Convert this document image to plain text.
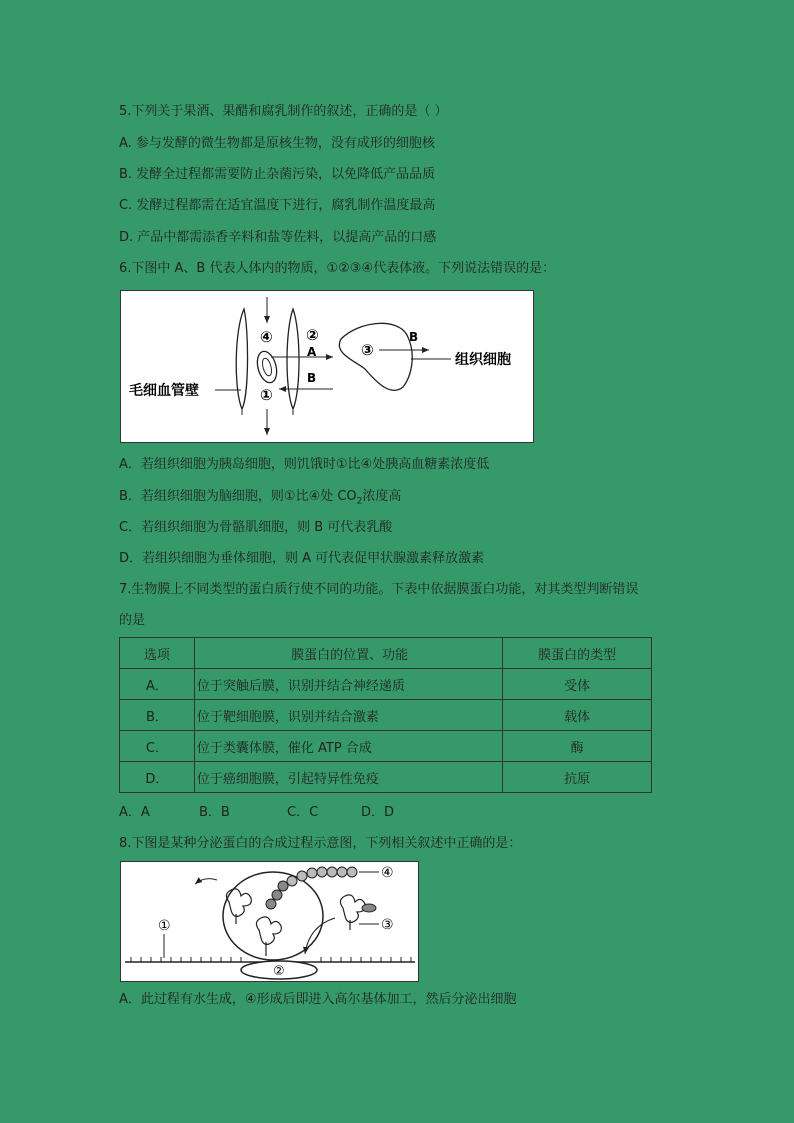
5.下列关于果酒、果醋和腐乳制作的叙述，正确的是（ ）
A. 参与发酵的微生物都是原核生物，没有成形的细胞核
B. 发酵全过程都需要防止杂菌污染，以免降低产品品质
C. 发酵过程都需在适宜温度下进行，腐乳制作温度最高
D. 产品中都需添香辛料和盐等佐料，以提高产品的口感
6.下图中 A、B 代表人体内的物质，①②③④代表体液。下列说法错误的是：
④ ②
A
B
①
③
B
组织细胞
毛细血管壁
A．若组织细胞为胰岛细胞，则饥饿时①比④处胰高血糖素浓度低
B．若组织细胞为脑细胞，则①比④处 $CO_2$浓度高
C．若组织细胞为骨骼肌细胞，则 B 可代表乳酸
D．若组织细胞为垂体细胞，则 A 可代表促甲状腺激素释放激素
7.生物膜上不同类型的蛋白质行使不同的功能。下表中依据膜蛋白功能，对其类型判断错误
的是
选项	膜蛋白的位置、功能	膜蛋白的类型
A．	位于突触后膜，识别并结合神经递质	受体
B．	位于靶细胞膜，识别并结合激素	载体
C．	位于类囊体膜，催化 ATP 合成	酶
D．	位于癌细胞膜，引起特异性免疫	抗原
A．A	B．B	C．C	D．D
8.下图是某种分泌蛋白的合成过程示意图，下列相关叙述中正确的是：
④
③
①
②
A．此过程有水生成，④形成后即进入高尔基体加工，然后分泌出细胞
